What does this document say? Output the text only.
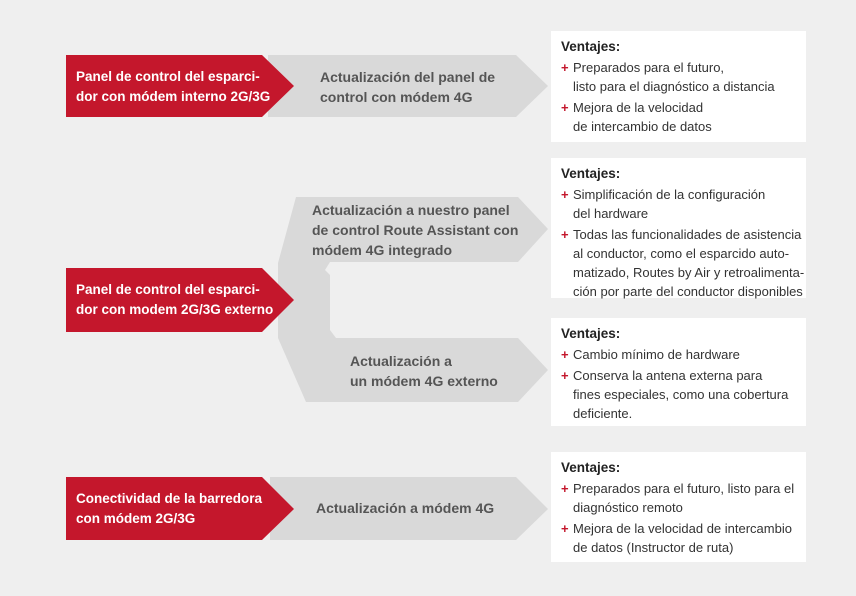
Panel de control del esparci-
dor con módem interno 2G/3G
Panel de control del esparci-
dor con modem 2G/3G externo
Conectividad de la barredora
con módem 2G/3G
Actualización del panel de
control con módem 4G
Actualización a nuestro panel
de control Route Assistant con
módem 4G integrado
Actualización a
un módem 4G externo
Actualización a módem 4G
Ventajes:
+ Preparados para el futuro,
listo para el diagnóstico a distancia
+ Mejora de la velocidad
de intercambio de datos
Ventajes:
+ Simplificación de la configuración
del hardware
+ Todas las funcionalidades de asistencia
al conductor, como el esparcido auto-
matizado, Routes by Air y retroalimenta-
ción por parte del conductor disponibles
Ventajes:
+ Cambio mínimo de hardware
+ Conserva la antena externa para
fines especiales, como una cobertura
deficiente.
Ventajes:
+ Preparados para el futuro, listo para el
diagnóstico remoto
+ Mejora de la velocidad de intercambio
de datos (Instructor de ruta)
